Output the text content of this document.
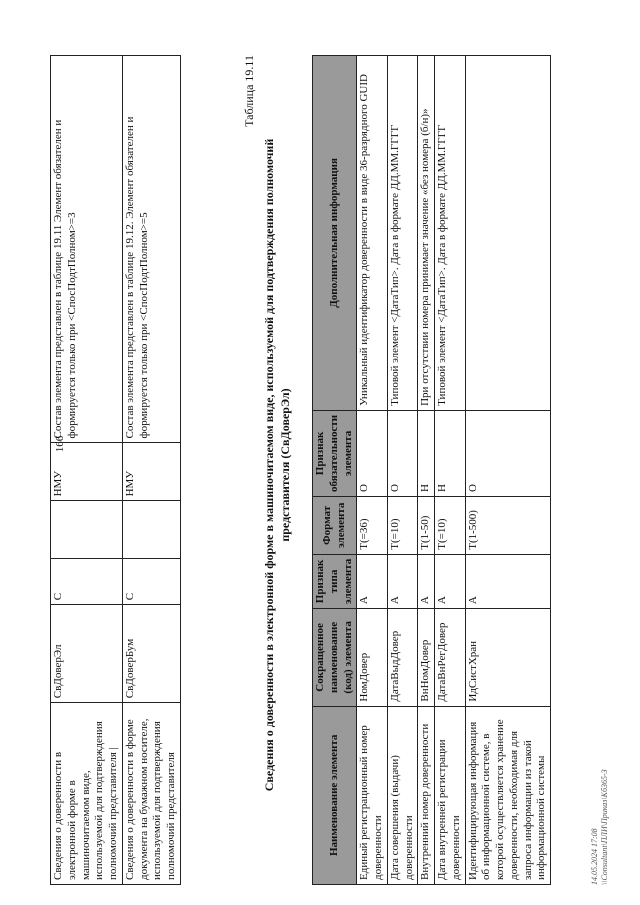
166
Сведения о доверенности в электронной форме в машиночитаемом виде, используемой для подтверждения полномочий представителя |	СвДоверЭл	С		НМУ	Состав элемента представлен в таблице 19.11 Элемент обязателен и формируется только при <СпосПодтПолном>=3
Сведения о доверенности в форме документа на бумажном носителе, используемой для подтверждения полномочий представителя	СвДоверБум	С		НМУ	Состав элемента представлен в таблице 19.12. Элемент обязателен и формируется только при <СпосПодтПолном>=5
Таблица 19.11
Сведения о доверенности в электронной форме в машиночитаемом виде, используемой для подтверждения полномочий представителя (СвДоверЭл)
Наименование элемента	Сокращенное наименование (код) элемента	Признак типа элемента	Формат элемента	Признак обязательности элемента	Дополнительная информация
Единый регистрационный номер доверенности	НомДовер	А	Т(=36)	О	Уникальный идентификатор доверенности в виде 36-разрядного GUID
Дата совершения (выдачи) доверенности	ДатаВыдДовер	А	Т(=10)	О	Типовой элемент <ДатаТип>. Дата в формате ДД.ММ.ГГГГ
Внутренний номер доверенности	ВнНомДовер	А	Т(1-50)	Н	При отсутствии номера принимает значение «без номера (б/н)»
Дата внутренней регистрации доверенности	ДатаВнРегДовер	А	Т(=10)	Н	Типовой элемент <ДатаТип>. Дата в формате ДД.ММ.ГГГГ
Идентифицирующая информация об информационной системе, в которой осуществляется хранение доверенности, необходимая для запроса информации из такой информационной системы	ИдСистХран	А	Т(1-500)	О	
14.05.2024 17:08 \\Consultant\ПЛИ\Приказ\КбЗ65-3
